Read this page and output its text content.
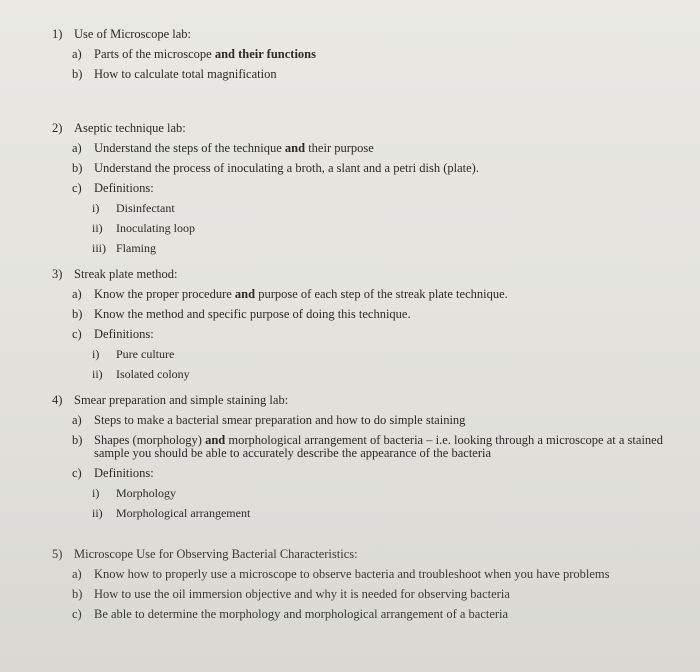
1) Use of Microscope lab:
a) Parts of the microscope and their functions
b) How to calculate total magnification
2) Aseptic technique lab:
a) Understand the steps of the technique and their purpose
b) Understand the process of inoculating a broth, a slant and a petri dish (plate).
c) Definitions:
i) Disinfectant
ii) Inoculating loop
iii) Flaming
3) Streak plate method:
a) Know the proper procedure and purpose of each step of the streak plate technique.
b) Know the method and specific purpose of doing this technique.
c) Definitions:
i) Pure culture
ii) Isolated colony
4) Smear preparation and simple staining lab:
a) Steps to make a bacterial smear preparation and how to do simple staining
b) Shapes (morphology) and morphological arrangement of bacteria – i.e. looking through a microscope at a stained sample you should be able to accurately describe the appearance of the bacteria
c) Definitions:
i) Morphology
ii) Morphological arrangement
5) Microscope Use for Observing Bacterial Characteristics:
a) Know how to properly use a microscope to observe bacteria and troubleshoot when you have problems
b) How to use the oil immersion objective and why it is needed for observing bacteria
c) Be able to determine the morphology and morphological arrangement of a bacteria
